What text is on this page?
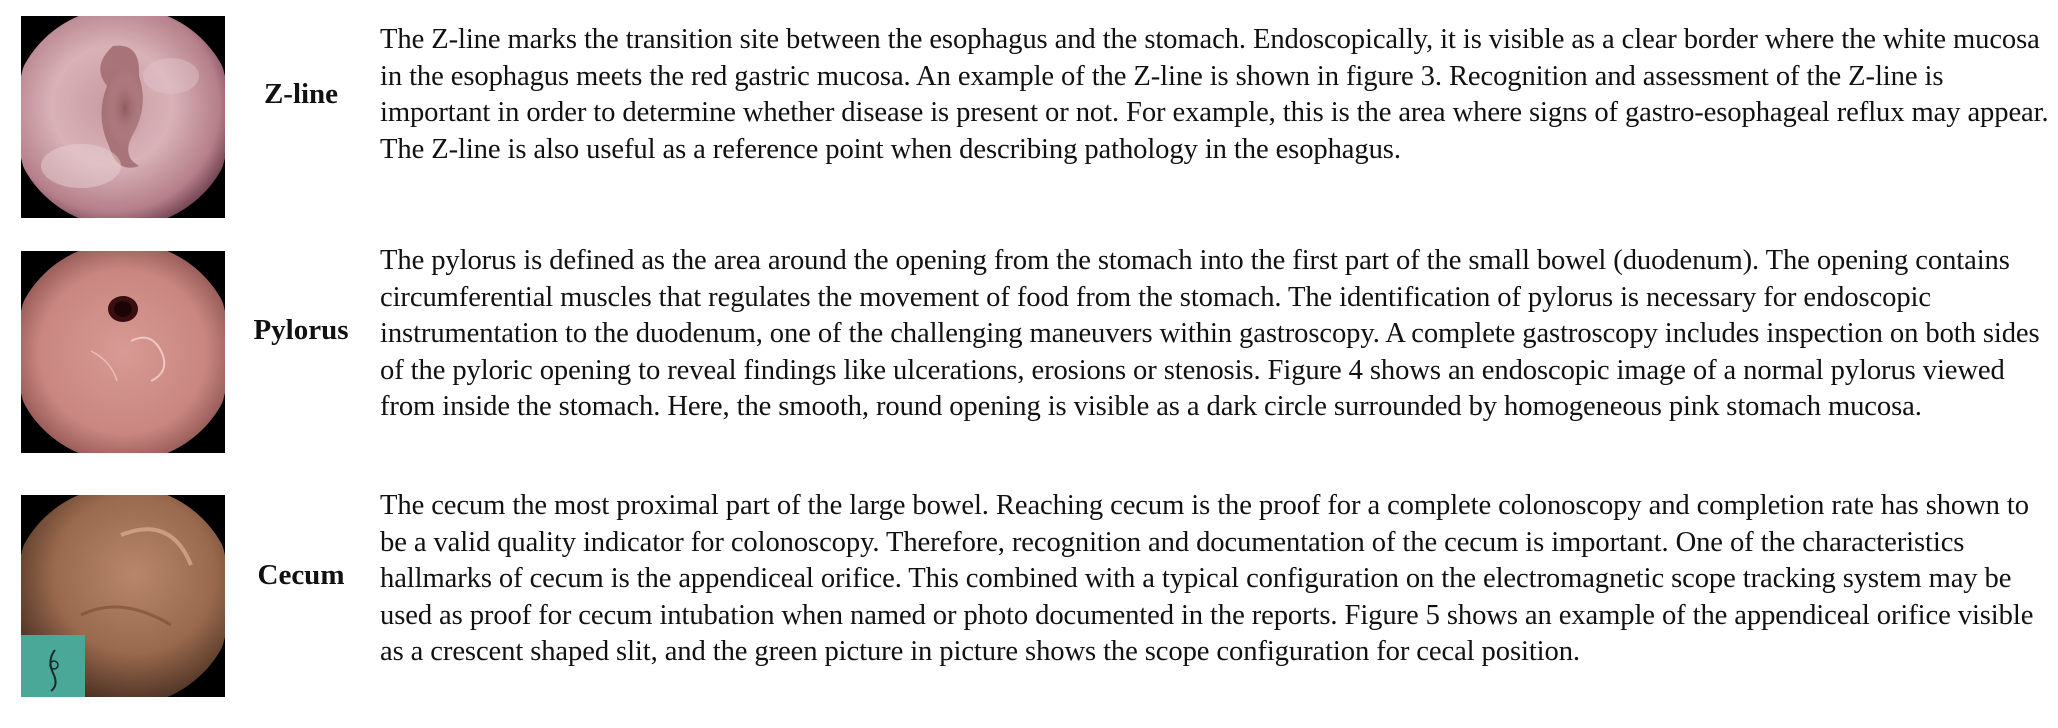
Z-line

The Z-line marks the transition site between the esophagus and the stomach. Endoscopically, it is visible as a clear border where the white mucosa in the esophagus meets the red gastric mucosa. An example of the Z-line is shown in figure 3. Recognition and assessment of the Z-line is important in order to determine whether disease is present or not. For example, this is the area where signs of gastro-esophageal reflux may appear. The Z-line is also useful as a reference point when describing pathology in the esophagus.

Pylorus

The pylorus is defined as the area around the opening from the stomach into the first part of the small bowel (duodenum). The opening contains circumferential muscles that regulates the movement of food from the stomach. The identification of pylorus is necessary for endoscopic instrumentation to the duodenum, one of the challenging maneuvers within gastroscopy. A complete gastroscopy includes inspection on both sides of the pyloric opening to reveal findings like ulcerations, erosions or stenosis. Figure 4 shows an endoscopic image of a normal pylorus viewed from inside the stomach. Here, the smooth, round opening is visible as a dark circle surrounded by homogeneous pink stomach mucosa.

Cecum

The cecum the most proximal part of the large bowel. Reaching cecum is the proof for a complete colonoscopy and completion rate has shown to be a valid quality indicator for colonoscopy. Therefore, recognition and documentation of the cecum is important. One of the characteristics hallmarks of cecum is the appendiceal orifice. This combined with a typical configuration on the electromagnetic scope tracking system may be used as proof for cecum intubation when named or photo documented in the reports. Figure 5 shows an example of the appendiceal orifice visible as a crescent shaped slit, and the green picture in picture shows the scope configuration for cecal position.
